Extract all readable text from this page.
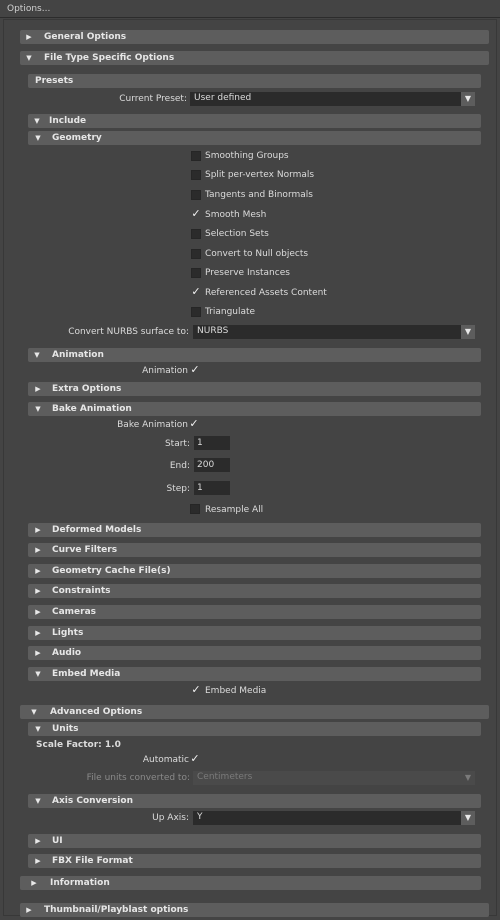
Options...
▶	General Options
▼	File Type Specific Options
Presets
Current Preset: User defined	▼
▼	Include
▼	Geometry
Smoothing Groups
Split per-vertex Normals
Tangents and Binormals
✓ Smooth Mesh
Selection Sets
Convert to Null objects
Preserve Instances
✓ Referenced Assets Content
Triangulate
Convert NURBS surface to: NURBS	▼
▼	Animation
Animation ✓
▶	Extra Options
▼	Bake Animation
Bake Animation ✓
Start: 1
End: 200
Step: 1
Resample All
▶	Deformed Models
▶	Curve Filters
▶	Geometry Cache File(s)
▶	Constraints
▶	Cameras
▶	Lights
▶	Audio
▼	Embed Media
✓ Embed Media
▼	Advanced Options
▼	Units
Scale Factor: 1.0
Automatic ✓
File units converted to: Centimeters	▼
▼	Axis Conversion
Up Axis: Y	▼
▶	UI
▶	FBX File Format
▶	Information
▶	Thumbnail/Playblast options
